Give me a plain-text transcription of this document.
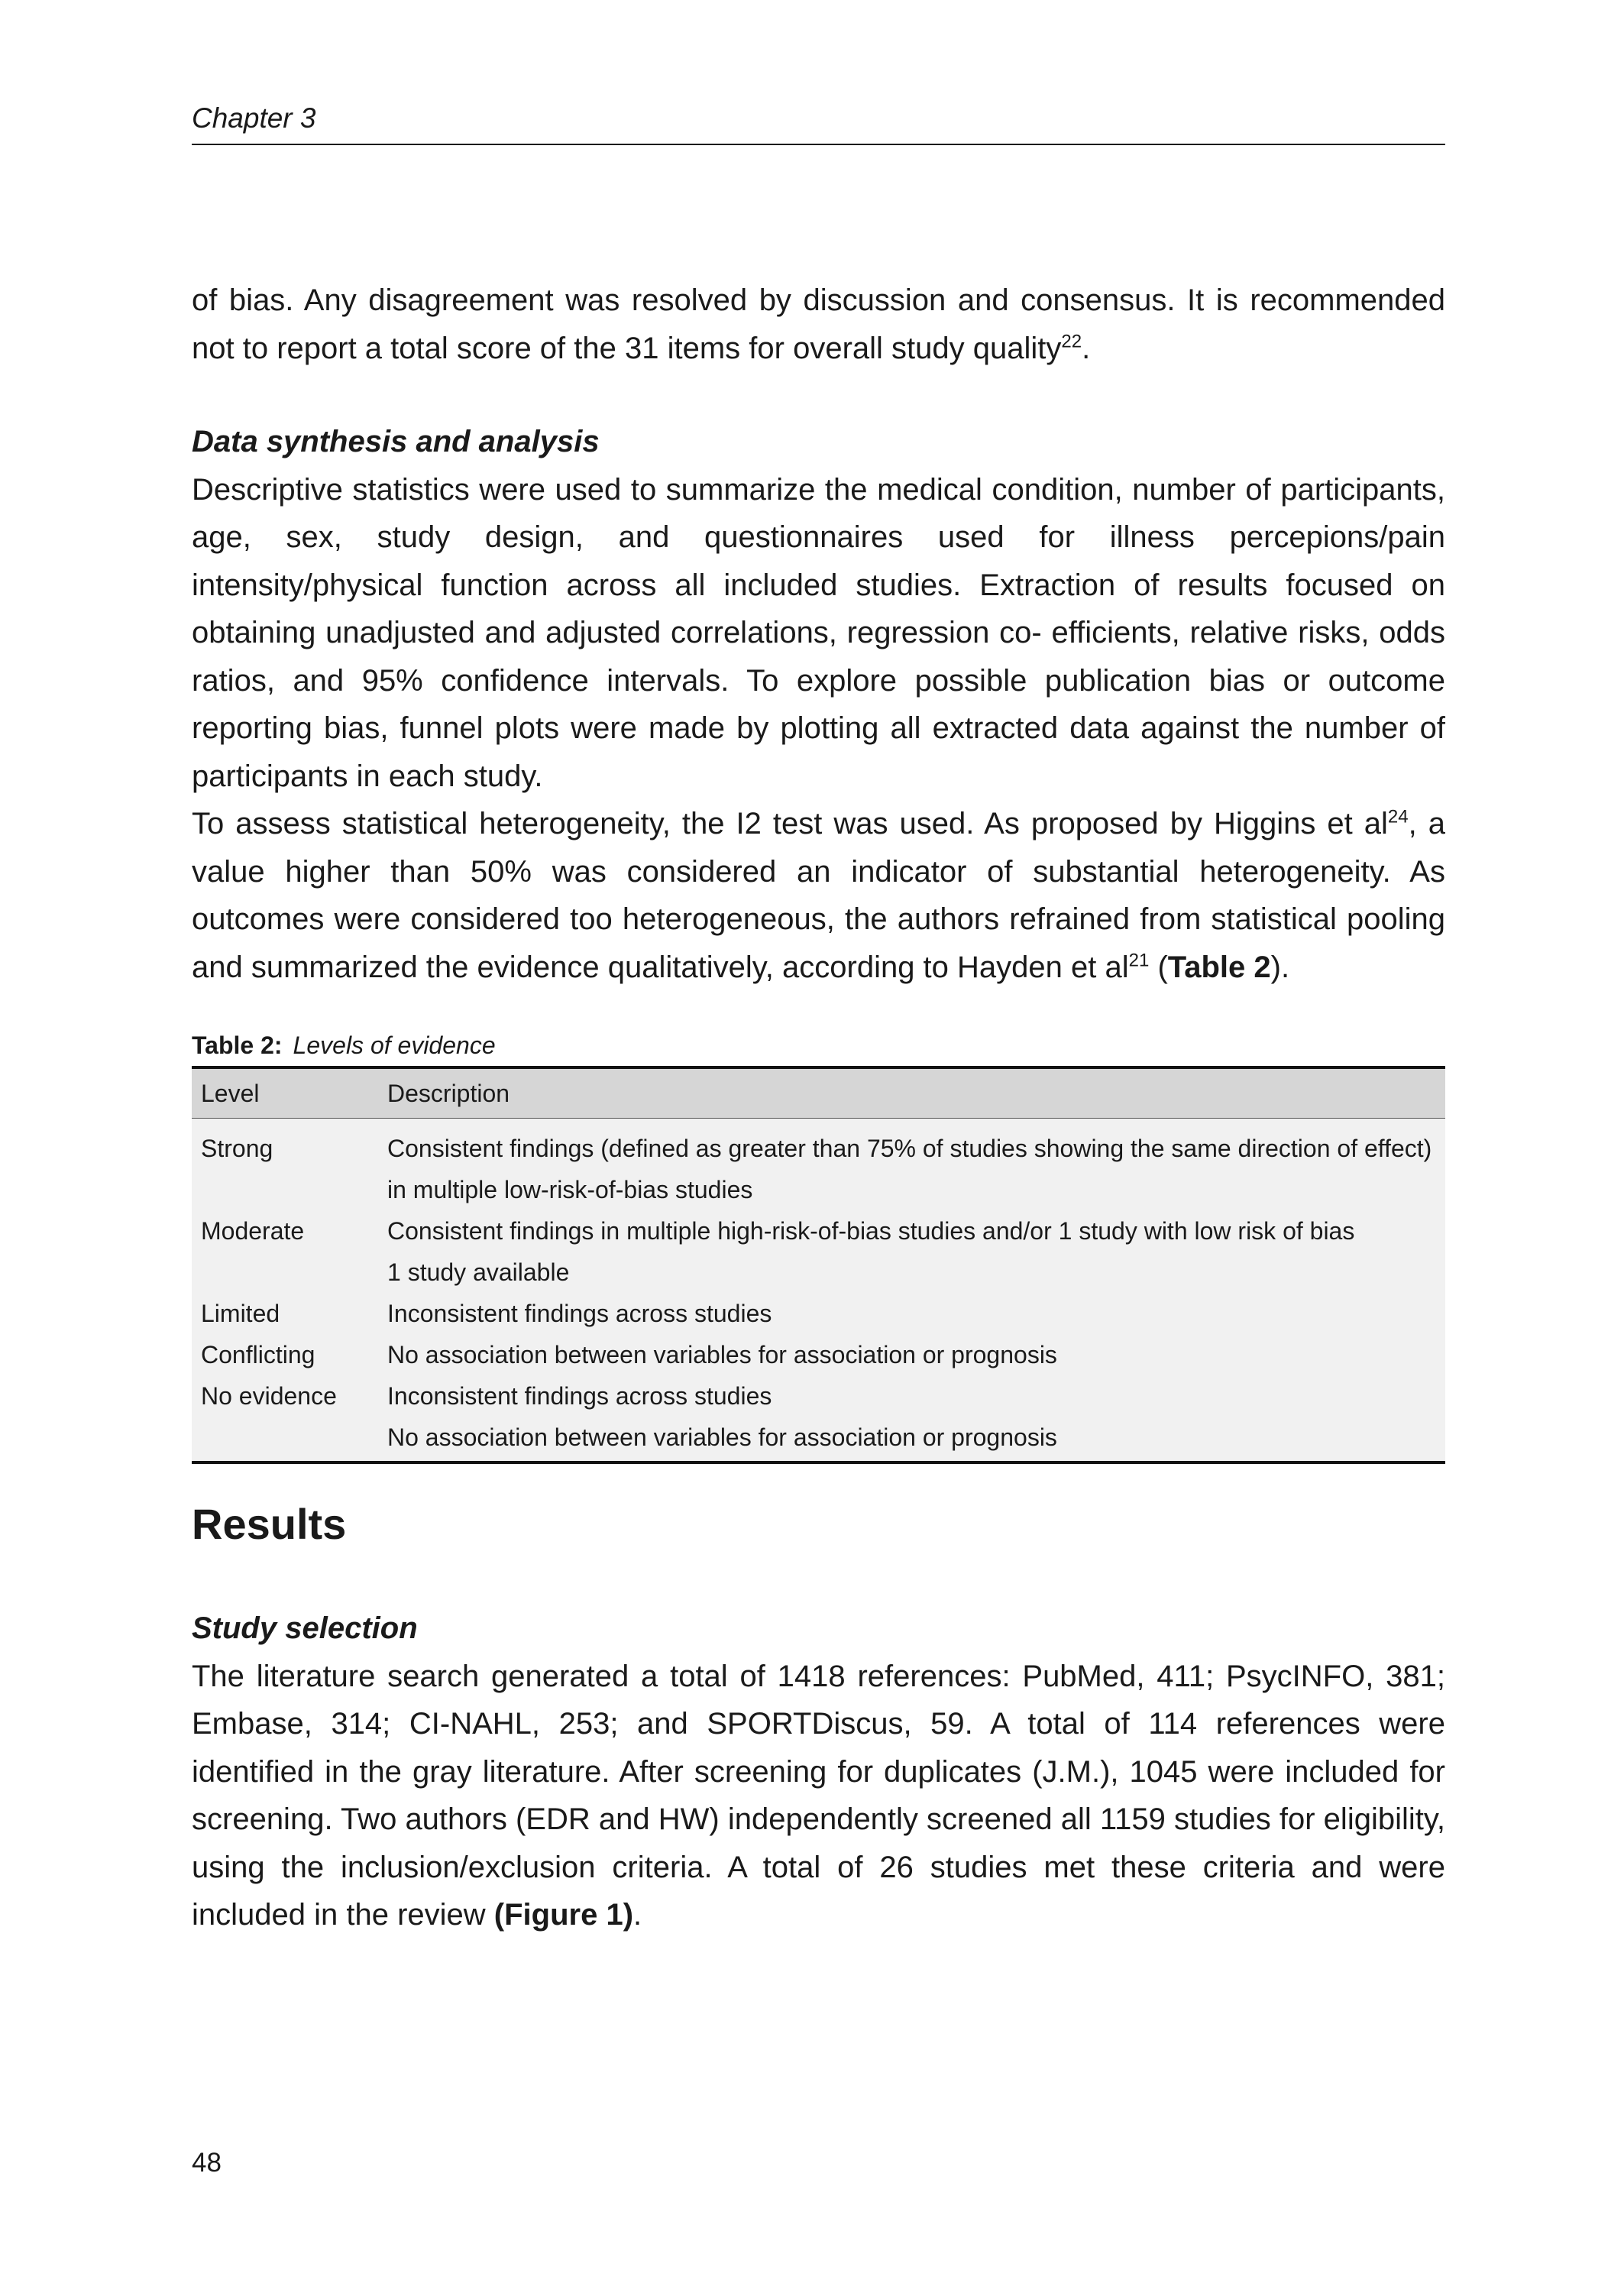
Chapter 3

of bias. Any disagreement was resolved by discussion and consensus. It is recommended not to report a total score of the 31 items for overall study quality$^{22}$.

Data synthesis and analysis

Descriptive statistics were used to summarize the medical condition, number of participants, age, sex, study design, and questionnaires used for illness percepions/pain intensity/physical function across all included studies. Extraction of results focused on obtaining unadjusted and adjusted correlations, regression co- efficients, relative risks, odds ratios, and 95% confidence intervals. To explore possible publication bias or outcome reporting bias, funnel plots were made by plotting all extracted data against the number of participants in each study.

To assess statistical heterogeneity, the I2 test was used. As proposed by Higgins et $al^{24}$, a value higher than 50% was considered an indicator of substantial heterogeneity. As outcomes were considered too heterogeneous, the authors refrained from statistical pooling and summarized the evidence qualitatively, according to Hayden et $al^{21}$ (Table 2).

Table 2: Levels of evidence
Level	Description
Strong	Consistent findings (defined as greater than 75% of studies showing the same direction of effect)
	in multiple low-risk-of-bias studies
Moderate	Consistent findings in multiple high-risk-of-bias studies and/or 1 study with low risk of bias
	1 study available
Limited	Inconsistent findings across studies
Conflicting	No association between variables for association or prognosis
No evidence	Inconsistent findings across studies
	No association between variables for association or prognosis
Results
Study selection

The literature search generated a total of 1418 references: PubMed, 411; PsycINFO, 381; Embase, 314; CI-NAHL, 253; and SPORTDiscus, 59. A total of 114 references were identified in the gray literature. After screening for duplicates (J.M.), 1045 were included for screening. Two authors (EDR and HW) independently screened all 1159 studies for eligibility, using the inclusion/exclusion criteria. A total of 26 studies met these criteria and were included in the review (Figure 1).

48
